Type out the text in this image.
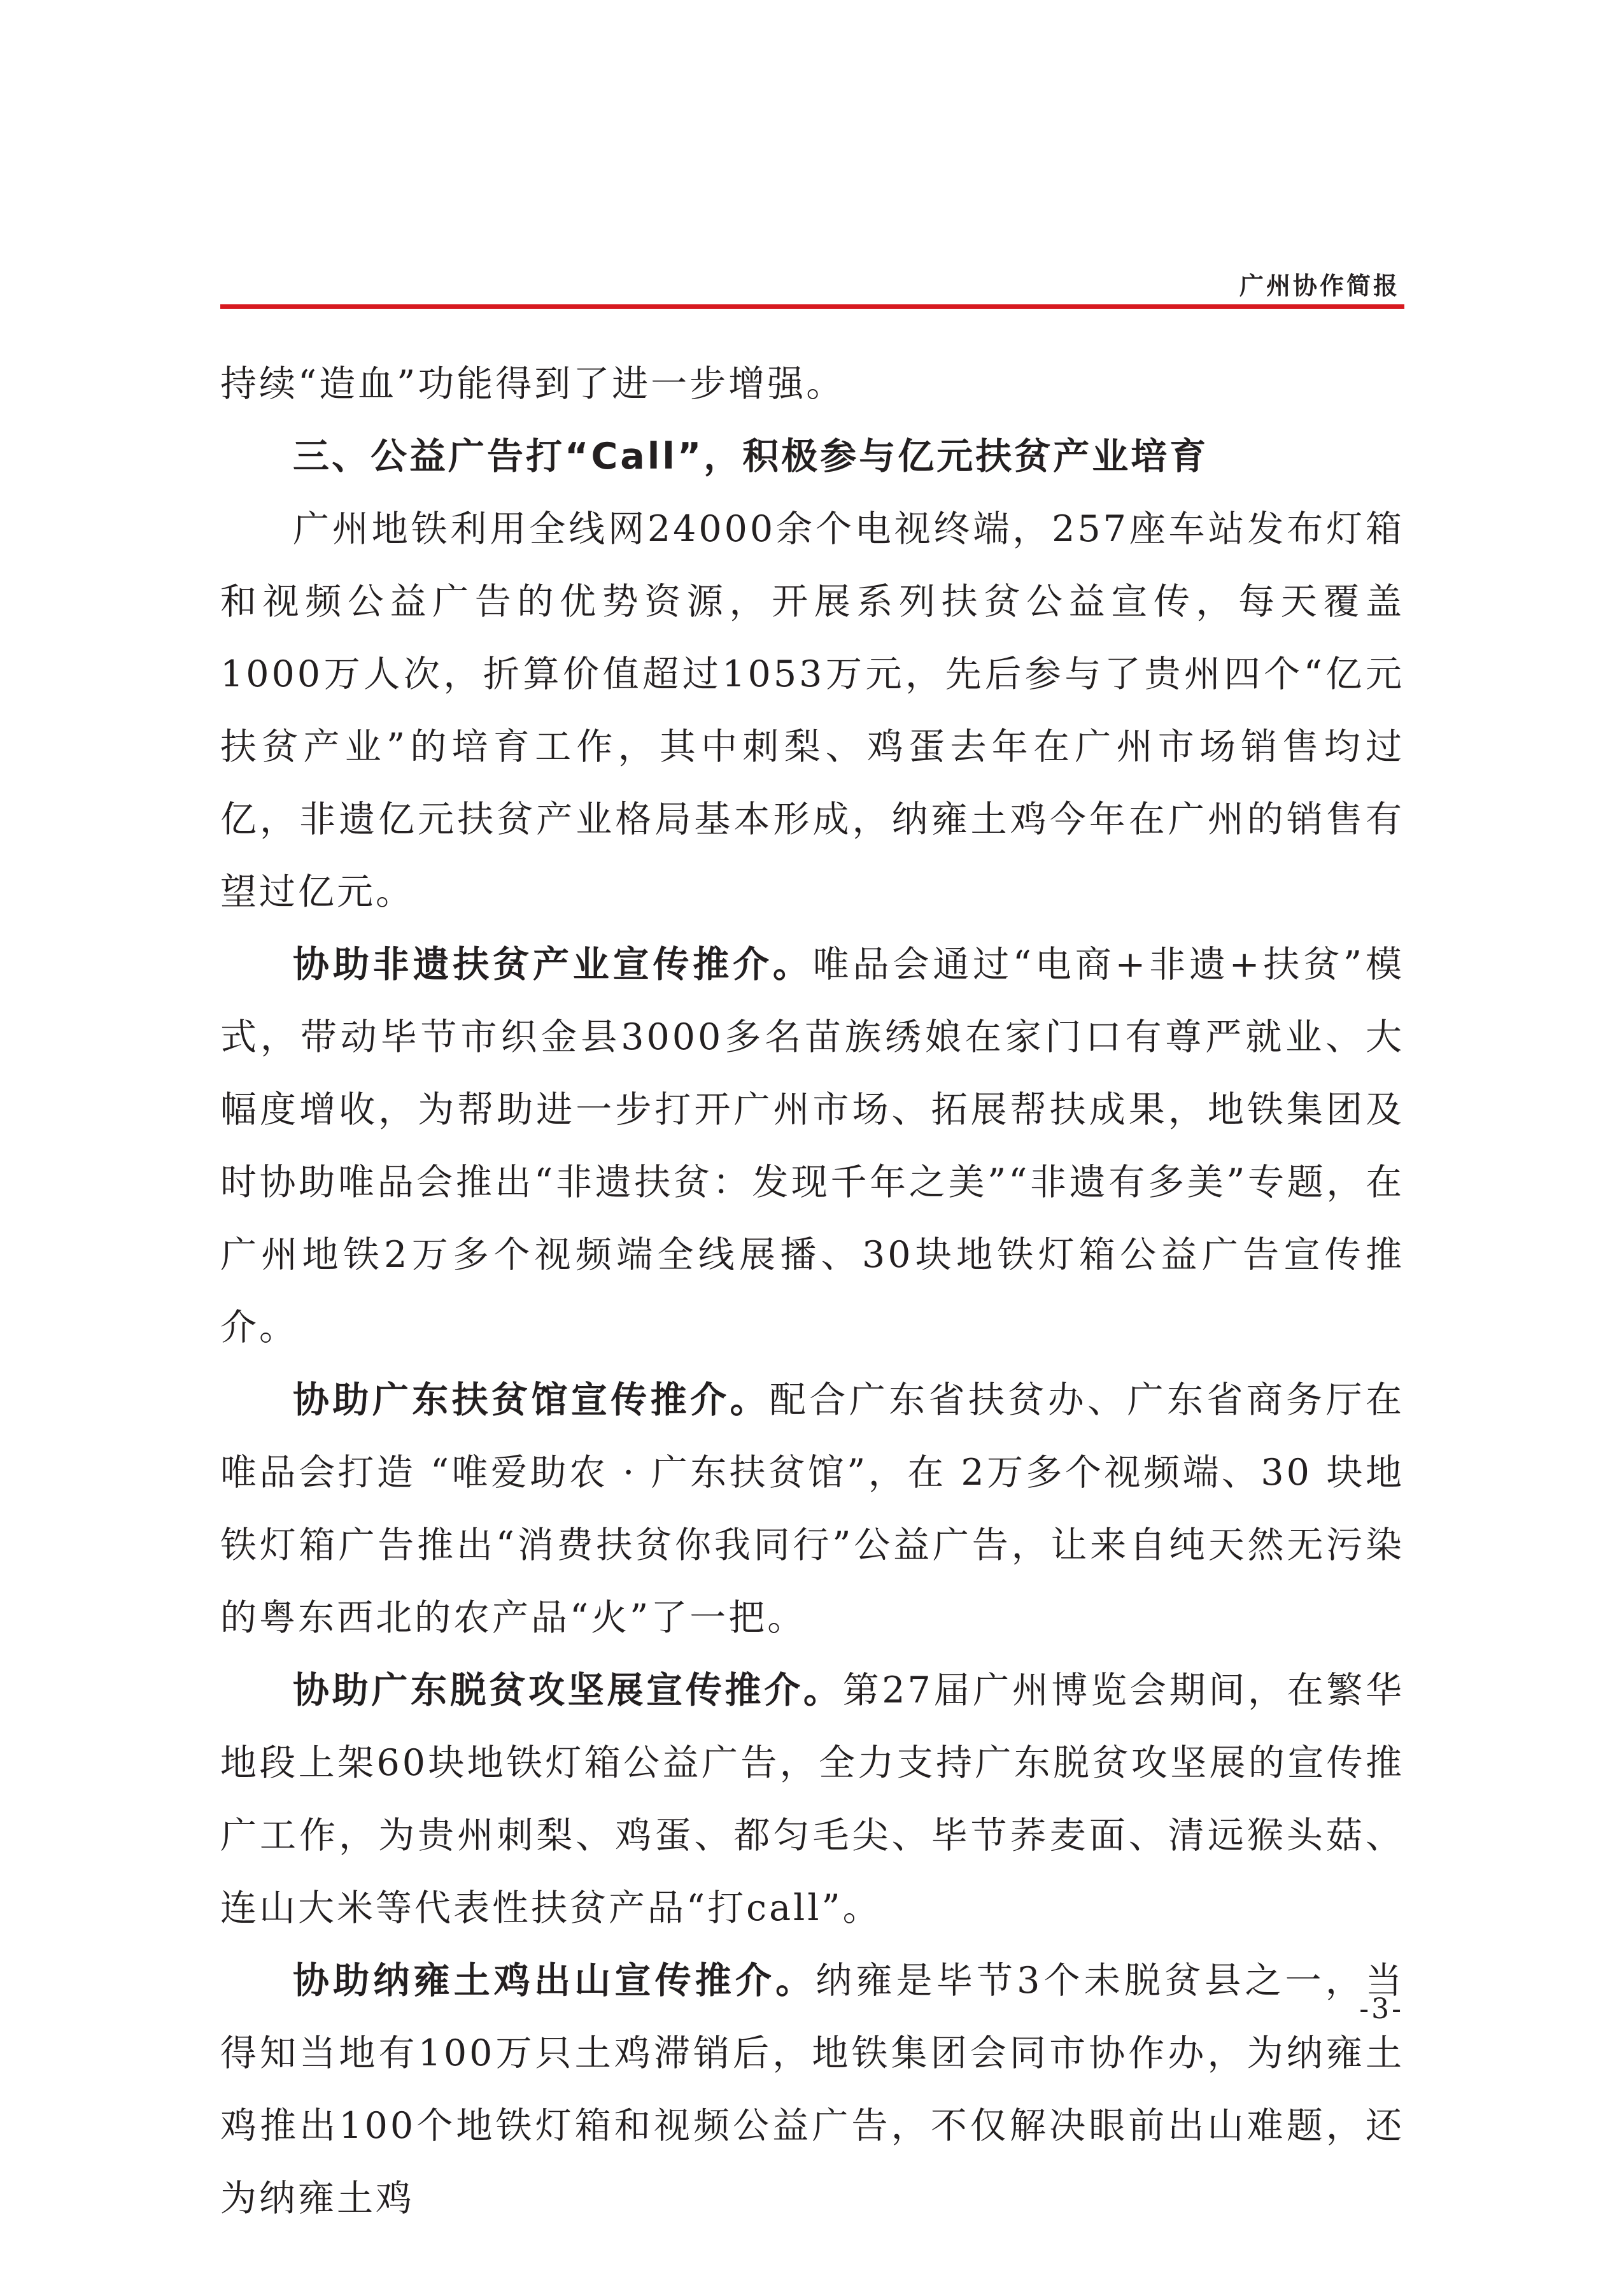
广州协作简报

持续“造血”功能得到了进一步增强。

三、公益广告打“Call”，积极参与亿元扶贫产业培育

广州地铁利用全线网24000余个电视终端，257座车站发布灯箱和视频公益广告的优势资源，开展系列扶贫公益宣传，每天覆盖1000万人次，折算价值超过1053万元，先后参与了贵州四个“亿元扶贫产业”的培育工作，其中刺梨、鸡蛋去年在广州市场销售均过亿，非遗亿元扶贫产业格局基本形成，纳雍土鸡今年在广州的销售有望过亿元。

协助非遗扶贫产业宣传推介。唯品会通过“电商+非遗+扶贫”模式，带动毕节市织金县3000多名苗族绣娘在家门口有尊严就业、大幅度增收，为帮助进一步打开广州市场、拓展帮扶成果，地铁集团及时协助唯品会推出“非遗扶贫：发现千年之美”“非遗有多美”专题，在广州地铁2万多个视频端全线展播、30块地铁灯箱公益广告宣传推介。

协助广东扶贫馆宣传推介。配合广东省扶贫办、广东省商务厅在唯品会打造 “唯爱助农 · 广东扶贫馆”，在 2万多个视频端、30 块地铁灯箱广告推出“消费扶贫你我同行”公益广告，让来自纯天然无污染的粤东西北的农产品“火”了一把。

协助广东脱贫攻坚展宣传推介。第27届广州博览会期间，在繁华地段上架60块地铁灯箱公益广告，全力支持广东脱贫攻坚展的宣传推广工作，为贵州刺梨、鸡蛋、都匀毛尖、毕节荞麦面、清远猴头菇、连山大米等代表性扶贫产品“打call”。

协助纳雍土鸡出山宣传推介。纳雍是毕节3个未脱贫县之一，当得知当地有100万只土鸡滞销后，地铁集团会同市协作办，为纳雍土鸡推出100个地铁灯箱和视频公益广告，不仅解决眼前出山难题，还为纳雍土鸡

-3-
